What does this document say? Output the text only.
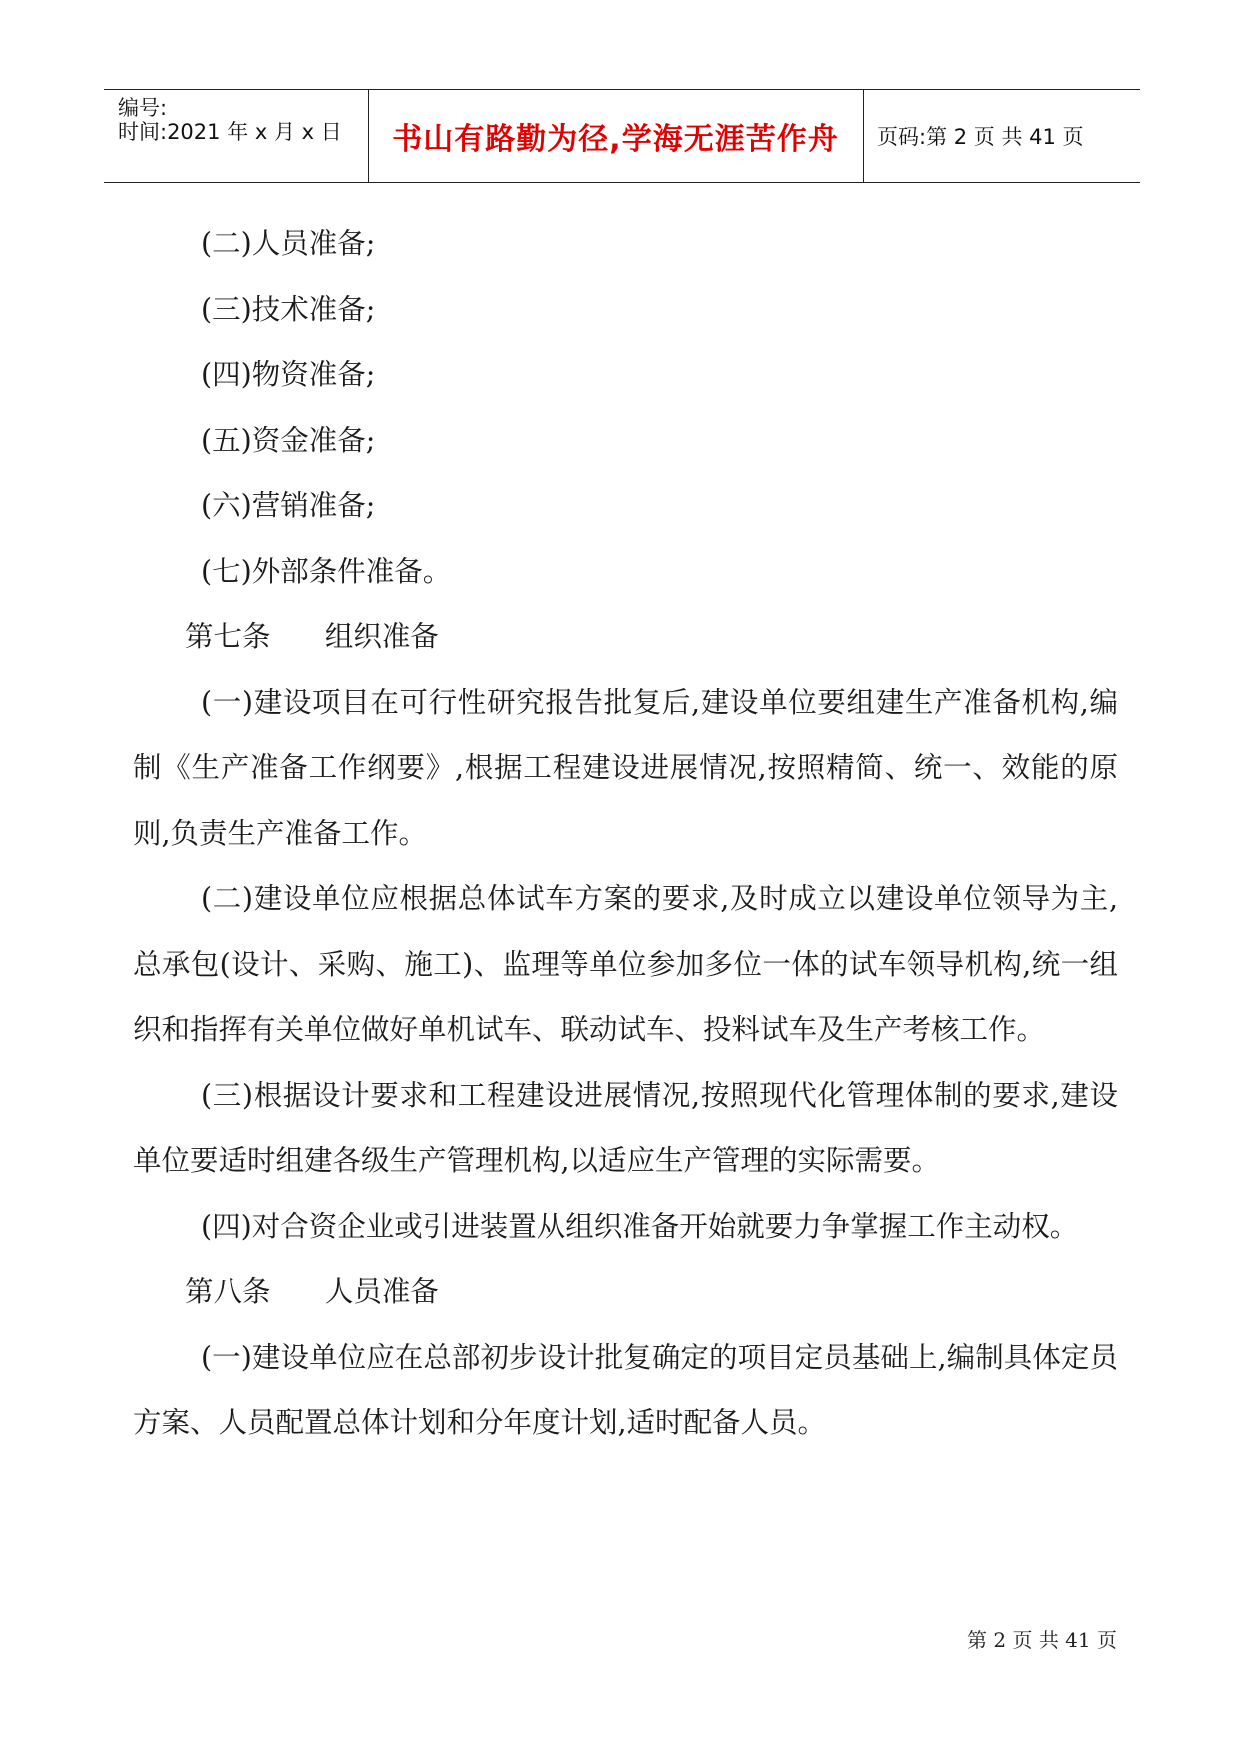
编号:
时间:2021 年 x 月 x 日 书山有路勤为径,学海无涯苦作舟 页码:第 2 页 共 41 页

(二)人员准备;

(三)技术准备;

(四)物资准备;

(五)资金准备;

(六)营销准备;

(七)外部条件准备。

第七条      组织准备

(一)建设项目在可行性研究报告批复后,建设单位要组建生产准备机构,编制《生产准备工作纲要》,根据工程建设进展情况,按照精简、统一、效能的原则,负责生产准备工作。

(二)建设单位应根据总体试车方案的要求,及时成立以建设单位领导为主,总承包(设计、采购、施工)、监理等单位参加多位一体的试车领导机构,统一组织和指挥有关单位做好单机试车、联动试车、投料试车及生产考核工作。

(三)根据设计要求和工程建设进展情况,按照现代化管理体制的要求,建设单位要适时组建各级生产管理机构,以适应生产管理的实际需要。

(四)对合资企业或引进装置从组织准备开始就要力争掌握工作主动权。

第八条      人员准备

(一)建设单位应在总部初步设计批复确定的项目定员基础上,编制具体定员方案、人员配置总体计划和分年度计划,适时配备人员。

第 2 页 共 41 页
